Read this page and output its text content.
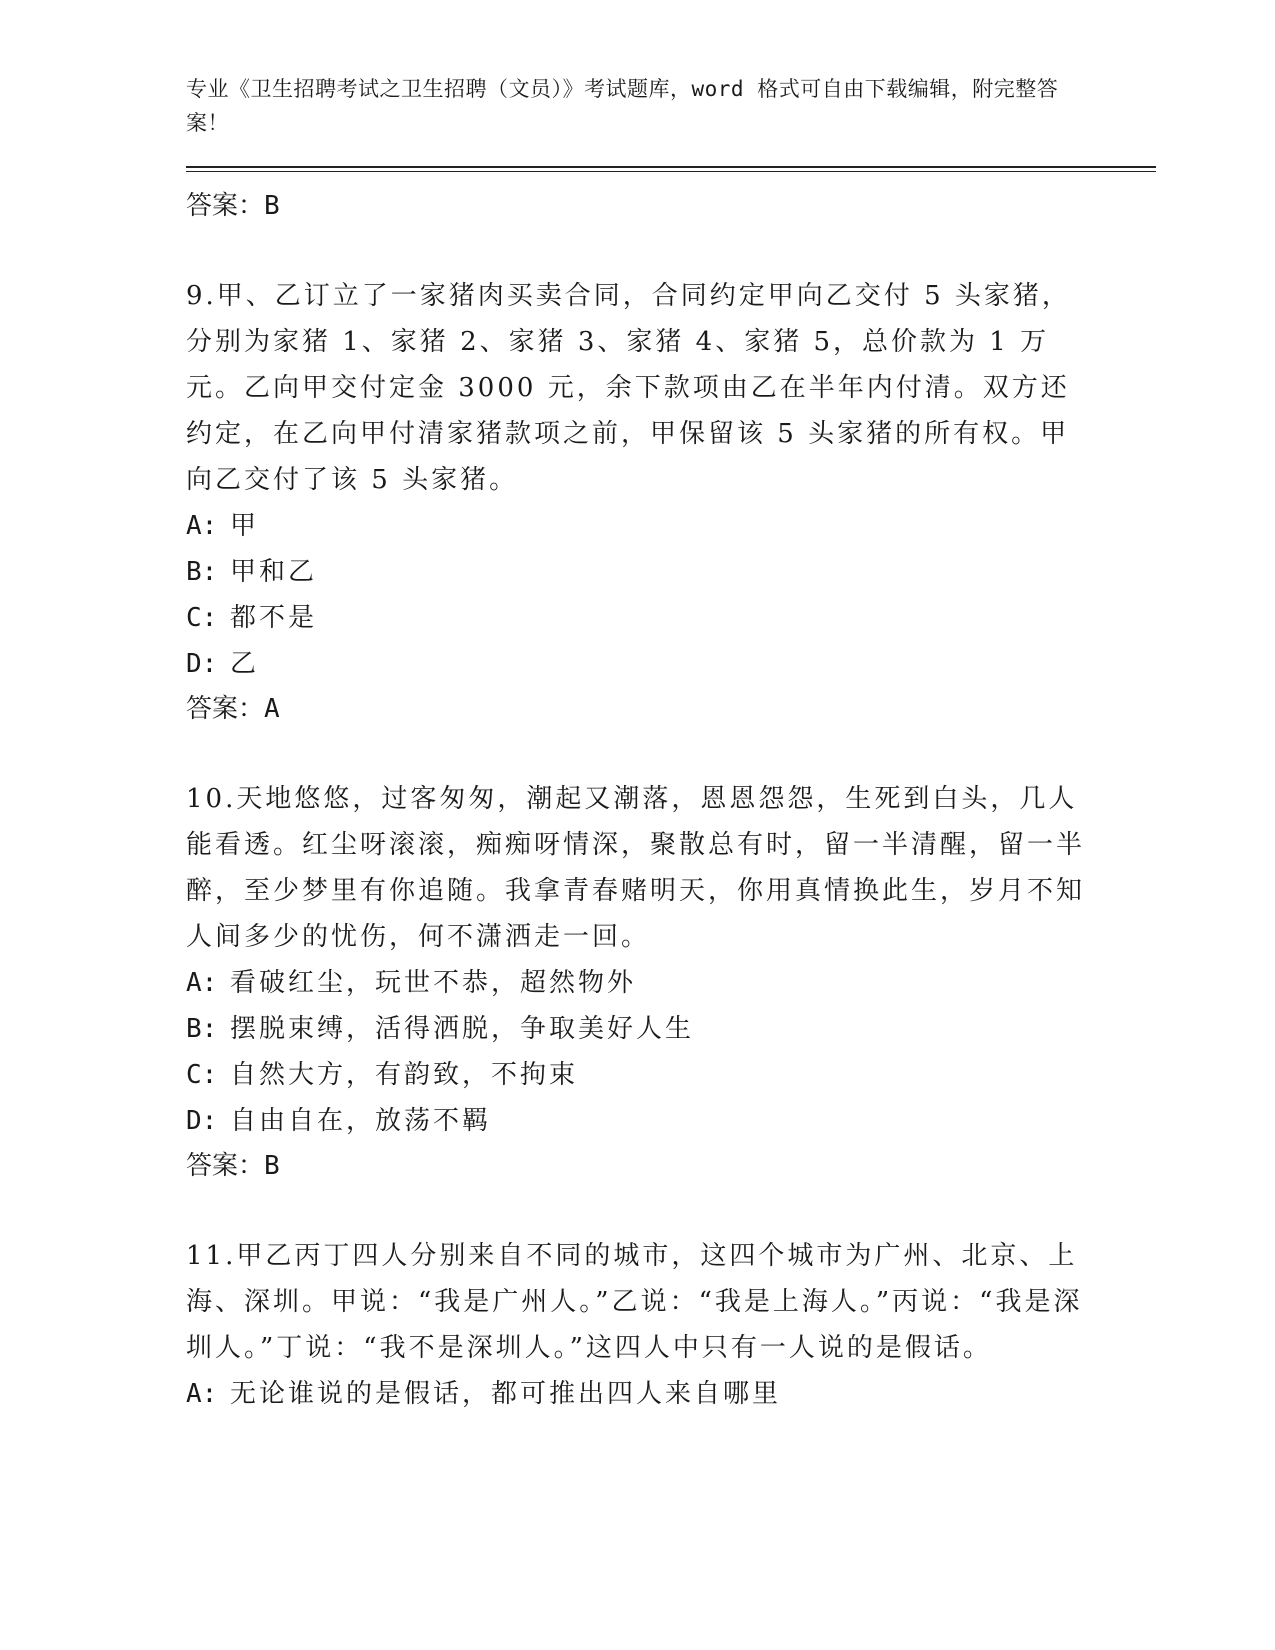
专业《卫生招聘考试之卫生招聘（文员）》考试题库，word 格式可自由下载编辑，附完整答案！
答案：B
9.甲、乙订立了一家猪肉买卖合同，合同约定甲向乙交付 5 头家猪，分别为家猪 1、家猪 2、家猪 3、家猪 4、家猪 5，总价款为 1 万元。乙向甲交付定金 3000 元，余下款项由乙在半年内付清。双方还约定，在乙向甲付清家猪款项之前，甲保留该 5 头家猪的所有权。甲向乙交付了该 5 头家猪。
A: 甲
B: 甲和乙
C: 都不是
D: 乙
答案：A
10.天地悠悠，过客匆匆，潮起又潮落，恩恩怨怨，生死到白头，几人能看透。红尘呀滚滚，痴痴呀情深，聚散总有时，留一半清醒，留一半醉，至少梦里有你追随。我拿青春赌明天，你用真情换此生，岁月不知人间多少的忧伤，何不潇洒走一回。
A: 看破红尘，玩世不恭，超然物外
B: 摆脱束缚，活得洒脱，争取美好人生
C: 自然大方，有韵致，不拘束
D: 自由自在，放荡不羁
答案：B
11.甲乙丙丁四人分别来自不同的城市，这四个城市为广州、北京、上海、深圳。甲说：“我是广州人。”乙说：“我是上海人。”丙说：“我是深圳人。”丁说：“我不是深圳人。”这四人中只有一人说的是假话。
A: 无论谁说的是假话，都可推出四人来自哪里
